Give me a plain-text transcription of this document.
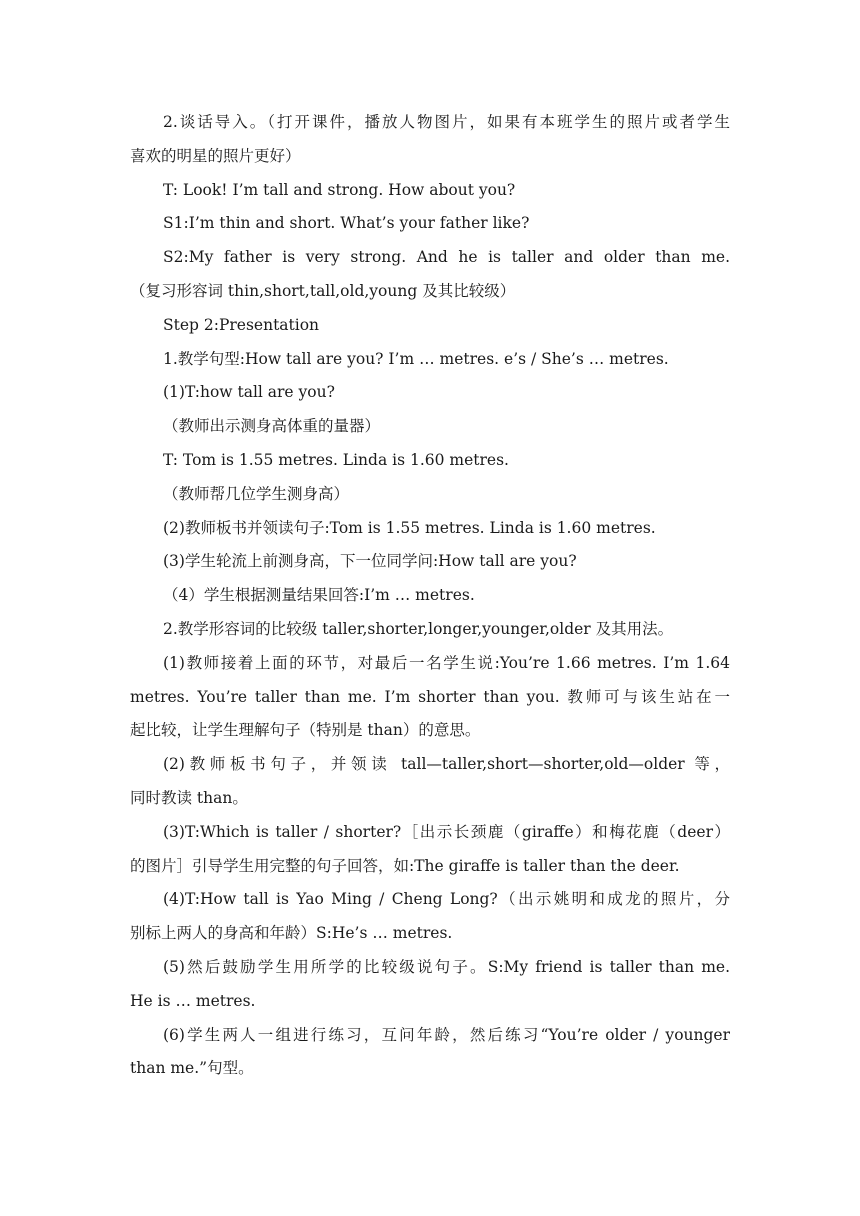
2.谈话导入。（打开课件，播放人物图片，如果有本班学生的照片或者学生
喜欢的明星的照片更好）
T: Look! I’m tall and strong. How about you?
S1:I’m thin and short. What’s your father like?
S2:My father is very strong. And he is taller and older than me.
（复习形容词 thin,short,tall,old,young 及其比较级）
Step 2:Presentation
1.教学句型:How tall are you? I’m … metres. e’s / She’s … metres.
(1)T:how tall are you?
（教师出示测身高体重的量器）
T: Tom is 1.55 metres. Linda is 1.60 metres.
（教师帮几位学生测身高）
(2)教师板书并领读句子:Tom is 1.55 metres. Linda is 1.60 metres.
(3)学生轮流上前测身高，下一位同学问:How tall are you?
（4）学生根据测量结果回答:I’m … metres.
2.教学形容词的比较级 taller,shorter,longer,younger,older 及其用法。
(1)教师接着上面的环节，对最后一名学生说:You’re 1.66 metres. I’m 1.64
metres. You’re taller than me. I’m shorter than you. 教师可与该生站在一
起比较，让学生理解句子（特别是 than）的意思。
(2)教师板书句子，并领读 tall—taller,short—shorter,old—older 等，
同时教读 than。
(3)T:Which is taller / shorter?［出示长颈鹿（giraffe）和梅花鹿（deer）
的图片］引导学生用完整的句子回答，如:The giraffe is taller than the deer.
(4)T:How tall is Yao Ming / Cheng Long?（出示姚明和成龙的照片，分
别标上两人的身高和年龄）S:He’s … metres.
(5)然后鼓励学生用所学的比较级说句子。S:My friend is taller than me.
He is … metres.
(6)学生两人一组进行练习，互问年龄，然后练习“You’re older / younger
than me.”句型。
